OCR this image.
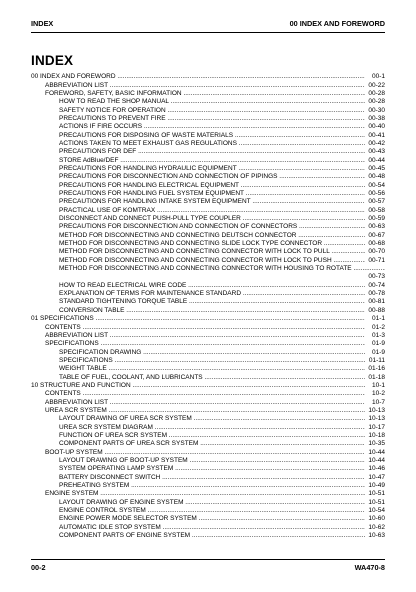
INDEX	00 INDEX AND FOREWORD
INDEX
00 INDEX AND FOREWORD .....	00-1
ABBREVIATION LIST .....	00-22
FOREWORD, SAFETY, BASIC INFORMATION .....	00-28
HOW TO READ THE SHOP MANUAL .....	00-28
SAFETY NOTICE FOR OPERATION .....	00-30
PRECAUTIONS TO PREVENT FIRE .....	00-38
ACTIONS IF FIRE OCCURS .....	00-40
PRECAUTIONS FOR DISPOSING OF WASTE MATERIALS .....	00-41
ACTIONS TAKEN TO MEET EXHAUST GAS REGULATIONS .....	00-42
PRECAUTIONS FOR DEF .....	00-43
STORE AdBlue/DEF .....	00-44
PRECAUTIONS FOR HANDLING HYDRAULIC EQUIPMENT .....	00-45
PRECAUTIONS FOR DISCONNECTION AND CONNECTION OF PIPINGS .....	00-48
PRECAUTIONS FOR HANDLING ELECTRICAL EQUIPMENT .....	00-54
PRECAUTIONS FOR HANDLING FUEL SYSTEM EQUIPMENT .....	00-56
PRECAUTIONS FOR HANDLING INTAKE SYSTEM EQUIPMENT .....	00-57
PRACTICAL USE OF KOMTRAX .....	00-58
DISCONNECT AND CONNECT PUSH-PULL TYPE COUPLER .....	00-59
PRECAUTIONS FOR DISCONNECTION AND CONNECTION OF CONNECTORS .....	00-63
METHOD FOR DISCONNECTING AND CONNECTING DEUTSCH CONNECTOR .....	00-67
METHOD FOR DISCONNECTING AND CONNECTING SLIDE LOCK TYPE CONNECTOR .....	00-68
METHOD FOR DISCONNECTING AND CONNECTING CONNECTOR WITH LOCK TO PULL .....	00-70
METHOD FOR DISCONNECTING AND CONNECTING CONNECTOR WITH LOCK TO PUSH .....	00-71
METHOD FOR DISCONNECTING AND CONNECTING CONNECTOR WITH HOUSING TO ROTATE .....
00-73
HOW TO READ ELECTRICAL WIRE CODE .....	00-74
EXPLANATION OF TERMS FOR MAINTENANCE STANDARD .....	00-78
STANDARD TIGHTENING TORQUE TABLE .....	00-81
CONVERSION TABLE .....	00-88
01 SPECIFICATIONS .....	01-1
CONTENTS .....	01-2
ABBREVIATION LIST .....	01-3
SPECIFICATIONS .....	01-9
SPECIFICATION DRAWING .....	01-9
SPECIFICATIONS .....	01-11
WEIGHT TABLE .....	01-16
TABLE OF FUEL, COOLANT, AND LUBRICANTS .....	01-18
10 STRUCTURE AND FUNCTION .....	10-1
CONTENTS .....	10-2
ABBREVIATION LIST .....	10-7
UREA SCR SYSTEM .....	10-13
LAYOUT DRAWING OF UREA SCR SYSTEM .....	10-13
UREA SCR SYSTEM DIAGRAM .....	10-17
FUNCTION OF UREA SCR SYSTEM .....	10-18
COMPONENT PARTS OF UREA SCR SYSTEM .....	10-35
BOOT-UP SYSTEM .....	10-44
LAYOUT DRAWING OF BOOT-UP SYSTEM .....	10-44
SYSTEM OPERATING LAMP SYSTEM .....	10-46
BATTERY DISCONNECT SWITCH .....	10-47
PREHEATING SYSTEM .....	10-49
ENGINE SYSTEM .....	10-51
LAYOUT DRAWING OF ENGINE SYSTEM .....	10-51
ENGINE CONTROL SYSTEM .....	10-54
ENGINE POWER MODE SELECTOR SYSTEM .....	10-60
AUTOMATIC IDLE STOP SYSTEM .....	10-62
COMPONENT PARTS OF ENGINE SYSTEM .....	10-63
00-2	WA470-8
